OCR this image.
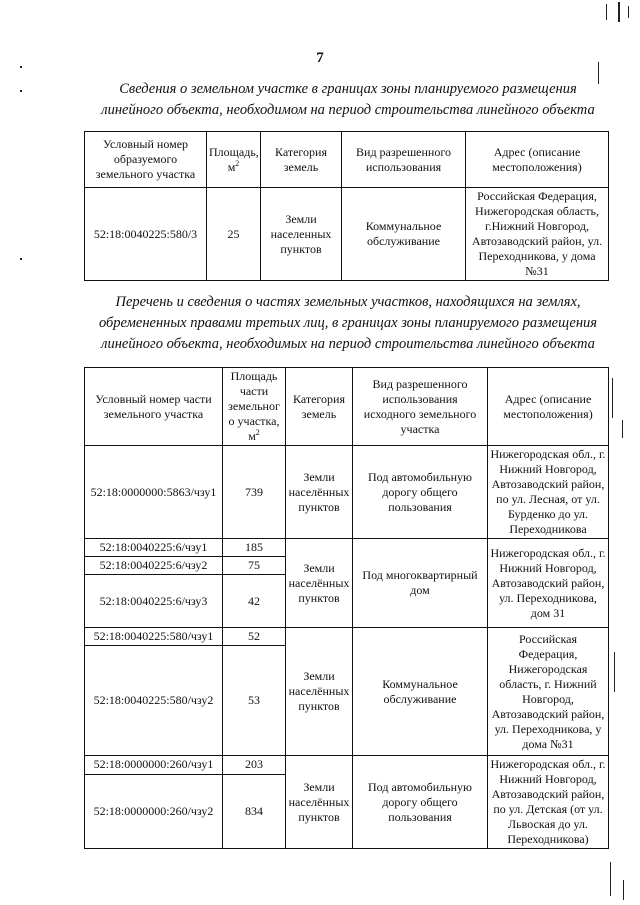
7
Сведения о земельном участке в границах зоны планируемого размещения
линейного объекта, необходимом на период строительства линейного объекта
Условный номер образуемого земельного участка	Площадь, $м^2$	Категория земель	Вид разрешенного использования	Адрес (описание местоположения)
52:18:0040225:580/3	25	Земли населенных пунктов	Коммунальное обслуживание	Российская Федерация, Нижегородская область, г.Нижний Новгород, Автозаводский район, ул. Переходникова, у дома №31
Перечень и сведения о частях земельных участков, находящихся на землях,
обремененных правами третьих лиц, в границах зоны планируемого размещения
линейного объекта, необходимых на период строительства линейного объекта
Условный номер части земельного участка	Площадь части земельног о участка, $м^2$	Категория земель	Вид разрешенного использования исходного земельного участка	Адрес (описание местоположения)
52:18:0000000:5863/чзу1	739	Земли населённых пунктов	Под автомобильную дорогу общего пользования	Нижегородская обл., г. Нижний Новгород, Автозаводский район, по ул. Лесная, от ул. Бурденко до ул. Переходникова
52:18:0040225:6/чзу1	185	Земли населённых пунктов	Под многоквартирный дом	Нижегородская обл., г. Нижний Новгород, Автозаводский район, ул. Переходникова, дом 31
52:18:0040225:6/чзу2	75			
52:18:0040225:6/чзу3	42			
52:18:0040225:580/чзу1	52	Земли населённых пунктов	Коммунальное обслуживание	Российская Федерация, Нижегородская область, г. Нижний Новгород, Автозаводский район, ул. Переходникова, у дома №31
52:18:0040225:580/чзу2	53			
52:18:0000000:260/чзу1	203	Земли населённых пунктов	Под автомобильную дорогу общего пользования	Нижегородская обл., г. Нижний Новгород, Автозаводский район, по ул. Детская (от ул. Львоская до ул. Переходникова)
52:18:0000000:260/чзу2	834			
